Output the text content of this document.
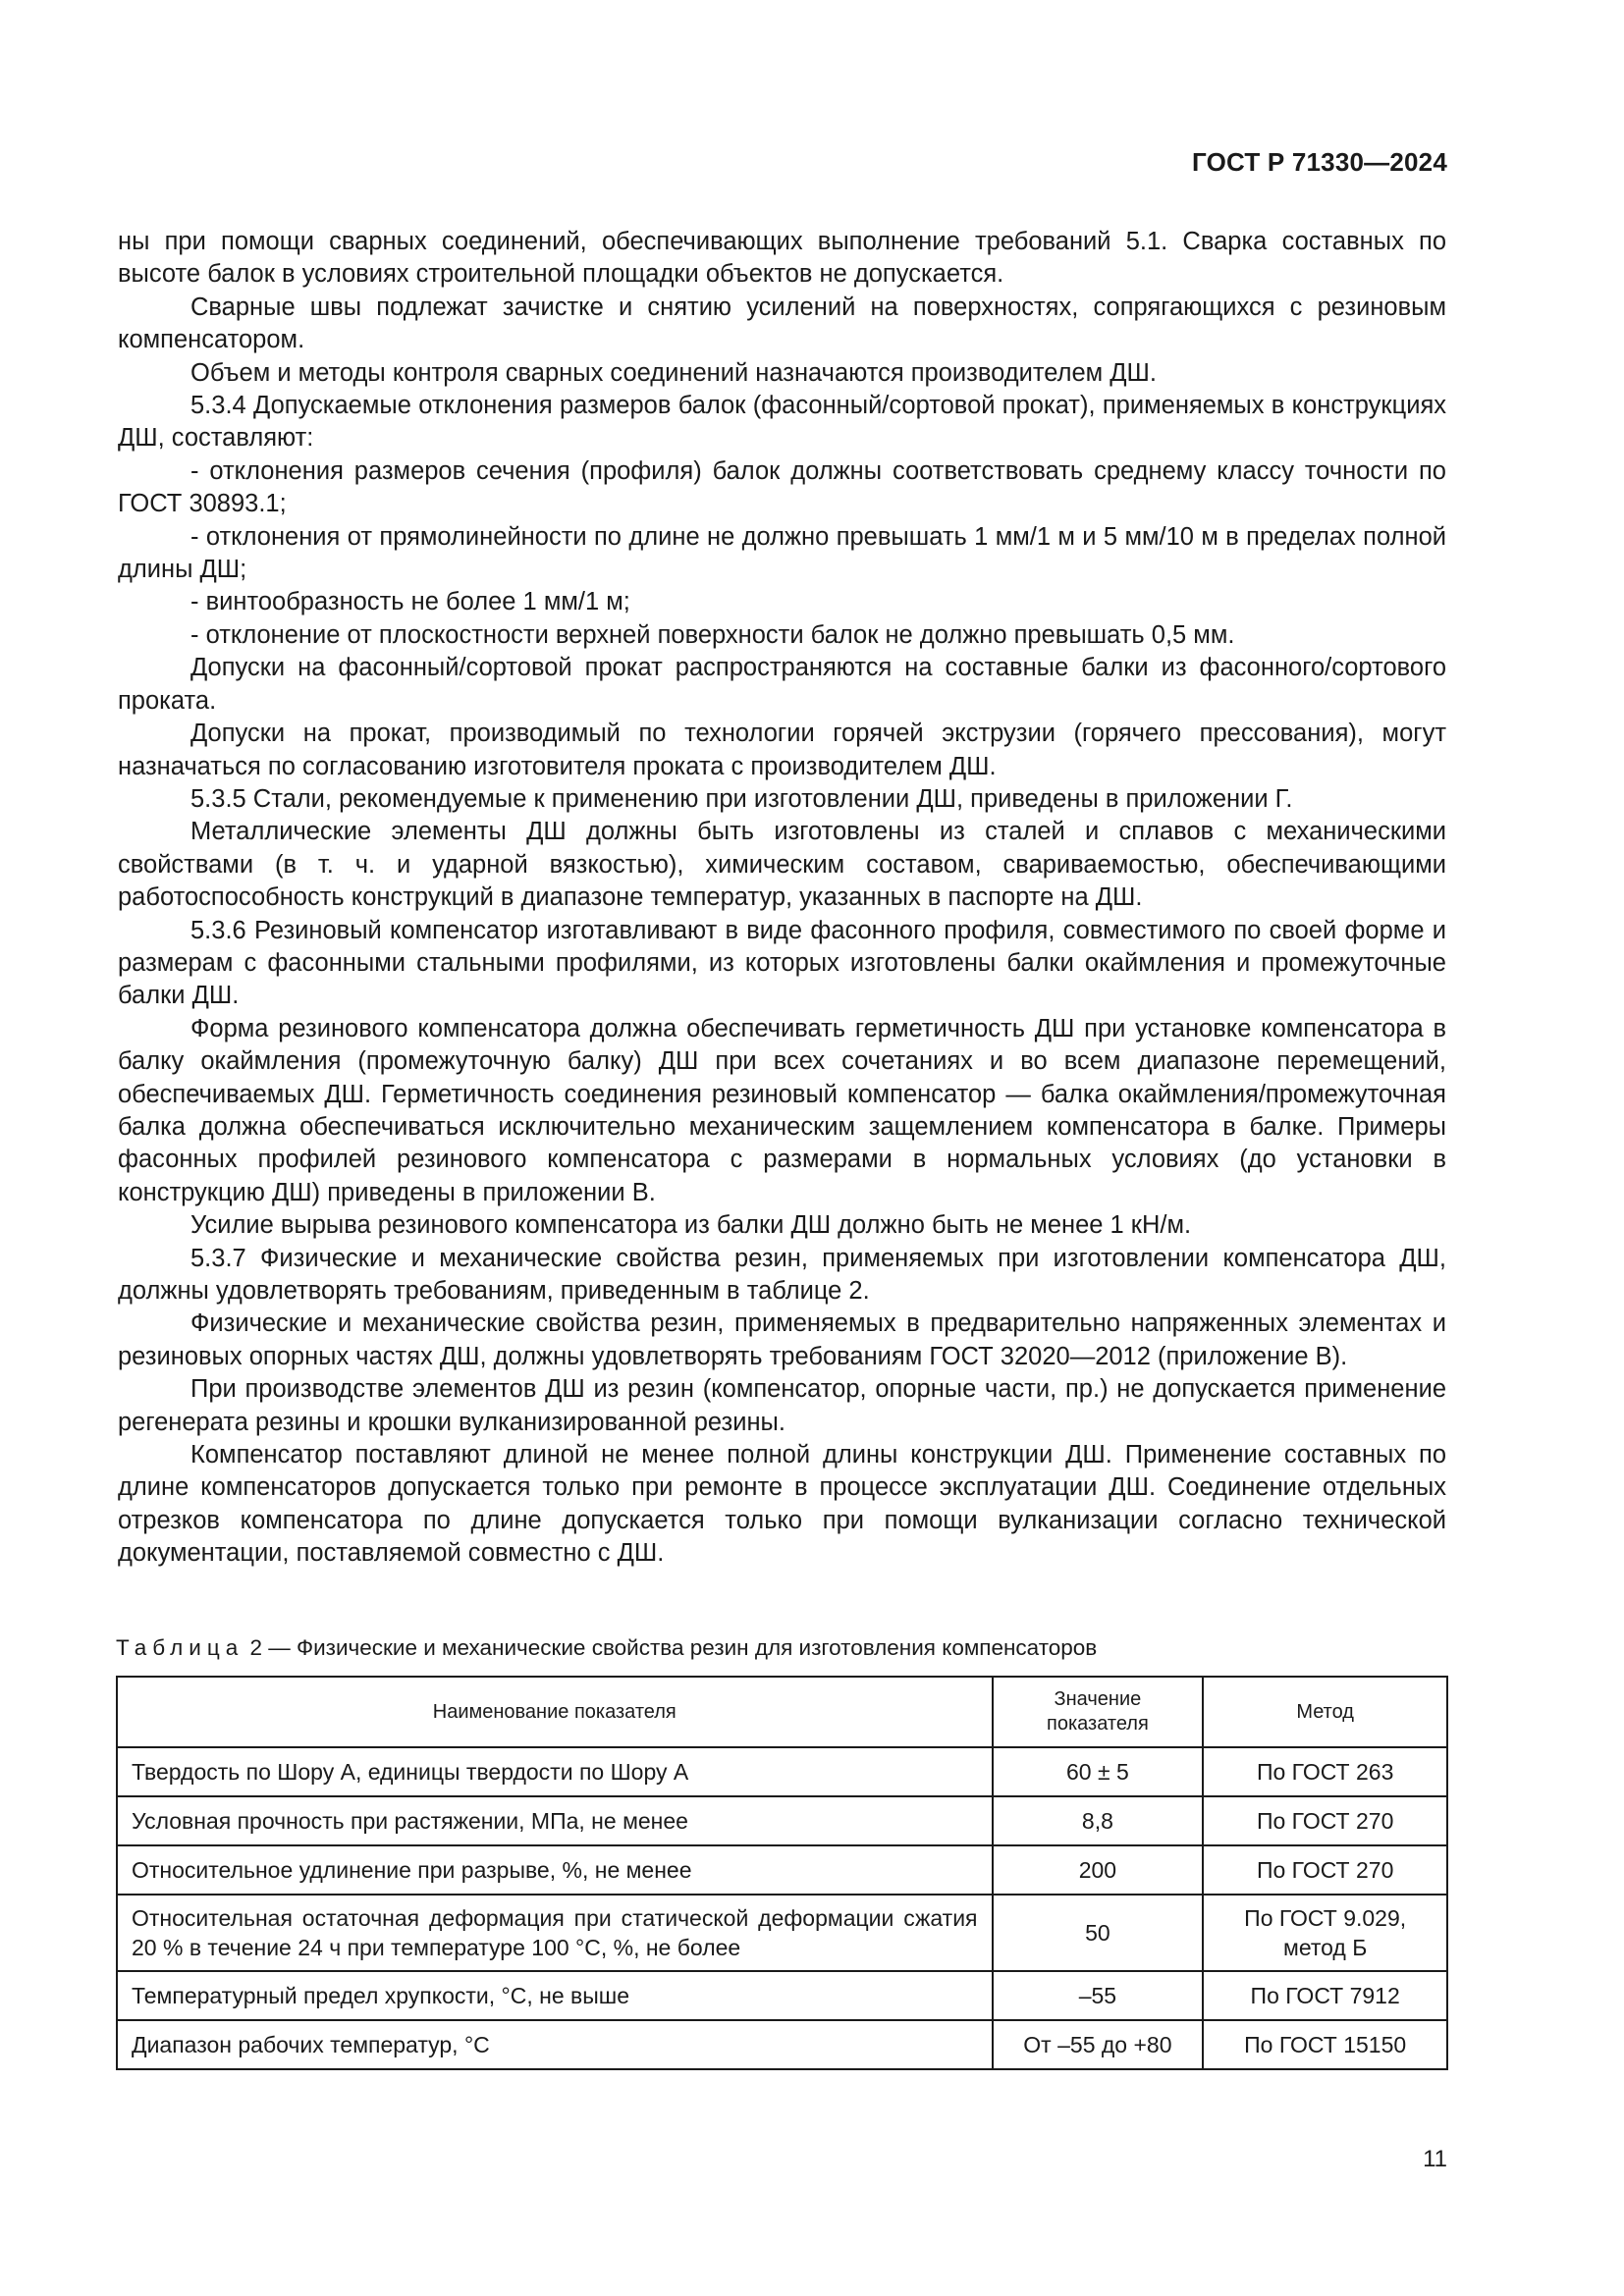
ГОСТ Р 71330—2024

ны при помощи сварных соединений, обеспечивающих выполнение требований 5.1. Сварка составных по высоте балок в условиях строительной площадки объектов не допускается.

Сварные швы подлежат зачистке и снятию усилений на поверхностях, сопрягающихся с резиновым компенсатором.

Объем и методы контроля сварных соединений назначаются производителем ДШ.

5.3.4 Допускаемые отклонения размеров балок (фасонный/сортовой прокат), применяемых в конструкциях ДШ, составляют:

- отклонения размеров сечения (профиля) балок должны соответствовать среднему классу точности по ГОСТ 30893.1;

- отклонения от прямолинейности по длине не должно превышать 1 мм/1 м и 5 мм/10 м в пределах полной длины ДШ;

- винтообразность не более 1 мм/1 м;

- отклонение от плоскостности верхней поверхности балок не должно превышать 0,5 мм.

Допуски на фасонный/сортовой прокат распространяются на составные балки из фасонного/сортового проката.

Допуски на прокат, производимый по технологии горячей экструзии (горячего прессования), могут назначаться по согласованию изготовителя проката с производителем ДШ.

5.3.5 Стали, рекомендуемые к применению при изготовлении ДШ, приведены в приложении Г.

Металлические элементы ДШ должны быть изготовлены из сталей и сплавов с механическими свойствами (в т. ч. и ударной вязкостью), химическим составом, свариваемостью, обеспечивающими работоспособность конструкций в диапазоне температур, указанных в паспорте на ДШ.

5.3.6 Резиновый компенсатор изготавливают в виде фасонного профиля, совместимого по своей форме и размерам с фасонными стальными профилями, из которых изготовлены балки окаймления и промежуточные балки ДШ.

Форма резинового компенсатора должна обеспечивать герметичность ДШ при установке компенсатора в балку окаймления (промежуточную балку) ДШ при всех сочетаниях и во всем диапазоне перемещений, обеспечиваемых ДШ. Герметичность соединения резиновый компенсатор — балка окаймления/промежуточная балка должна обеспечиваться исключительно механическим защемлением компенсатора в балке. Примеры фасонных профилей резинового компенсатора с размерами в нормальных условиях (до установки в конструкцию ДШ) приведены в приложении В.

Усилие вырыва резинового компенсатора из балки ДШ должно быть не менее 1 кН/м.

5.3.7 Физические и механические свойства резин, применяемых при изготовлении компенсатора ДШ, должны удовлетворять требованиям, приведенным в таблице 2.

Физические и механические свойства резин, применяемых в предварительно напряженных элементах и резиновых опорных частях ДШ, должны удовлетворять требованиям ГОСТ 32020—2012 (приложение В).

При производстве элементов ДШ из резин (компенсатор, опорные части, пр.) не допускается применение регенерата резины и крошки вулканизированной резины.

Компенсатор поставляют длиной не менее полной длины конструкции ДШ. Применение составных по длине компенсаторов допускается только при ремонте в процессе эксплуатации ДШ. Соединение отдельных отрезков компенсатора по длине допускается только при помощи вулканизации согласно технической документации, поставляемой совместно с ДШ.

Таблица 2 — Физические и механические свойства резин для изготовления компенсаторов
Наименование показателя	Значение показателя	Метод
Твердость по Шору А, единицы твердости по Шору А	60 ± 5	По ГОСТ 263
Условная прочность при растяжении, МПа, не менее	8,8	По ГОСТ 270
Относительное удлинение при разрыве, %, не менее	200	По ГОСТ 270
Относительная остаточная деформация при статической деформации сжатия 20 % в течение 24 ч при температуре 100 °С, %, не более	50	По ГОСТ 9.029, метод Б
Температурный предел хрупкости, °С, не выше	–55	По ГОСТ 7912
Диапазон рабочих температур, °С	От –55 до +80	По ГОСТ 15150
11
